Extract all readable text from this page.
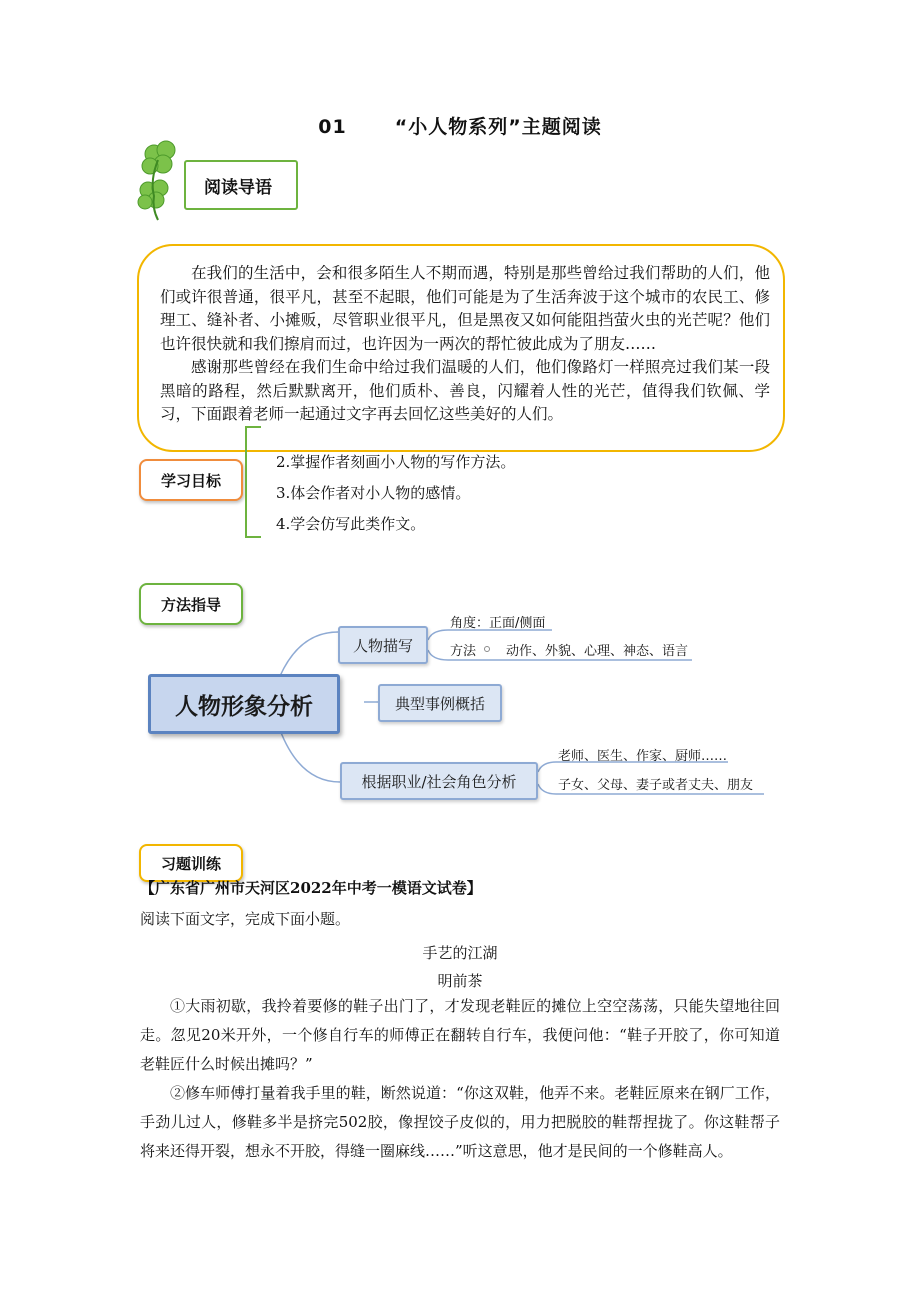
01	“小人物系列”主题阅读
阅读导语

在我们的生活中，会和很多陌生人不期而遇，特别是那些曾给过我们帮助的人们，他们或许很普通，很平凡，甚至不起眼，他们可能是为了生活奔波于这个城市的农民工、修理工、缝补者、小摊贩，尽管职业很平凡，但是黑夜又如何能阻挡萤火虫的光芒呢？他们也许很快就和我们擦肩而过，也许因为一两次的帮忙彼此成为了朋友……

感谢那些曾经在我们生命中给过我们温暖的人们，他们像路灯一样照亮过我们某一段黑暗的路程，然后默默离开，他们质朴、善良，闪耀着人性的光芒，值得我们钦佩、学习，下面跟着老师一起通过文字再去回忆这些美好的人们。

学习目标
2.掌握作者刻画小人物的写作方法。
3.体会作者对小人物的感情。
4.学会仿写此类作文。
方法指导
人物形象分析
人物描写
典型事例概括
根据职业/社会角色分析
角度：正面/侧面
方法 动作、外貌、心理、神态、语言
老师、医生、作家、厨师……
子女、父母、妻子或者丈夫、朋友
习题训练
【广东省广州市天河区2022年中考一模语文试卷】
阅读下面文字，完成下面小题。
手艺的江湖
明前茶

①大雨初歇，我拎着要修的鞋子出门了，才发现老鞋匠的摊位上空空荡荡，只能失望地往回走。忽见20米开外，一个修自行车的师傅正在翻转自行车，我便问他：“鞋子开胶了，你可知道老鞋匠什么时候出摊吗？”

②修车师傅打量着我手里的鞋，断然说道：“你这双鞋，他弄不来。老鞋匠原来在钢厂工作，手劲儿过人，修鞋多半是挤完502胶，像捏饺子皮似的，用力把脱胶的鞋帮捏拢了。你这鞋帮子将来还得开裂，想永不开胶，得缝一圈麻线……”听这意思，他才是民间的一个修鞋高人。
